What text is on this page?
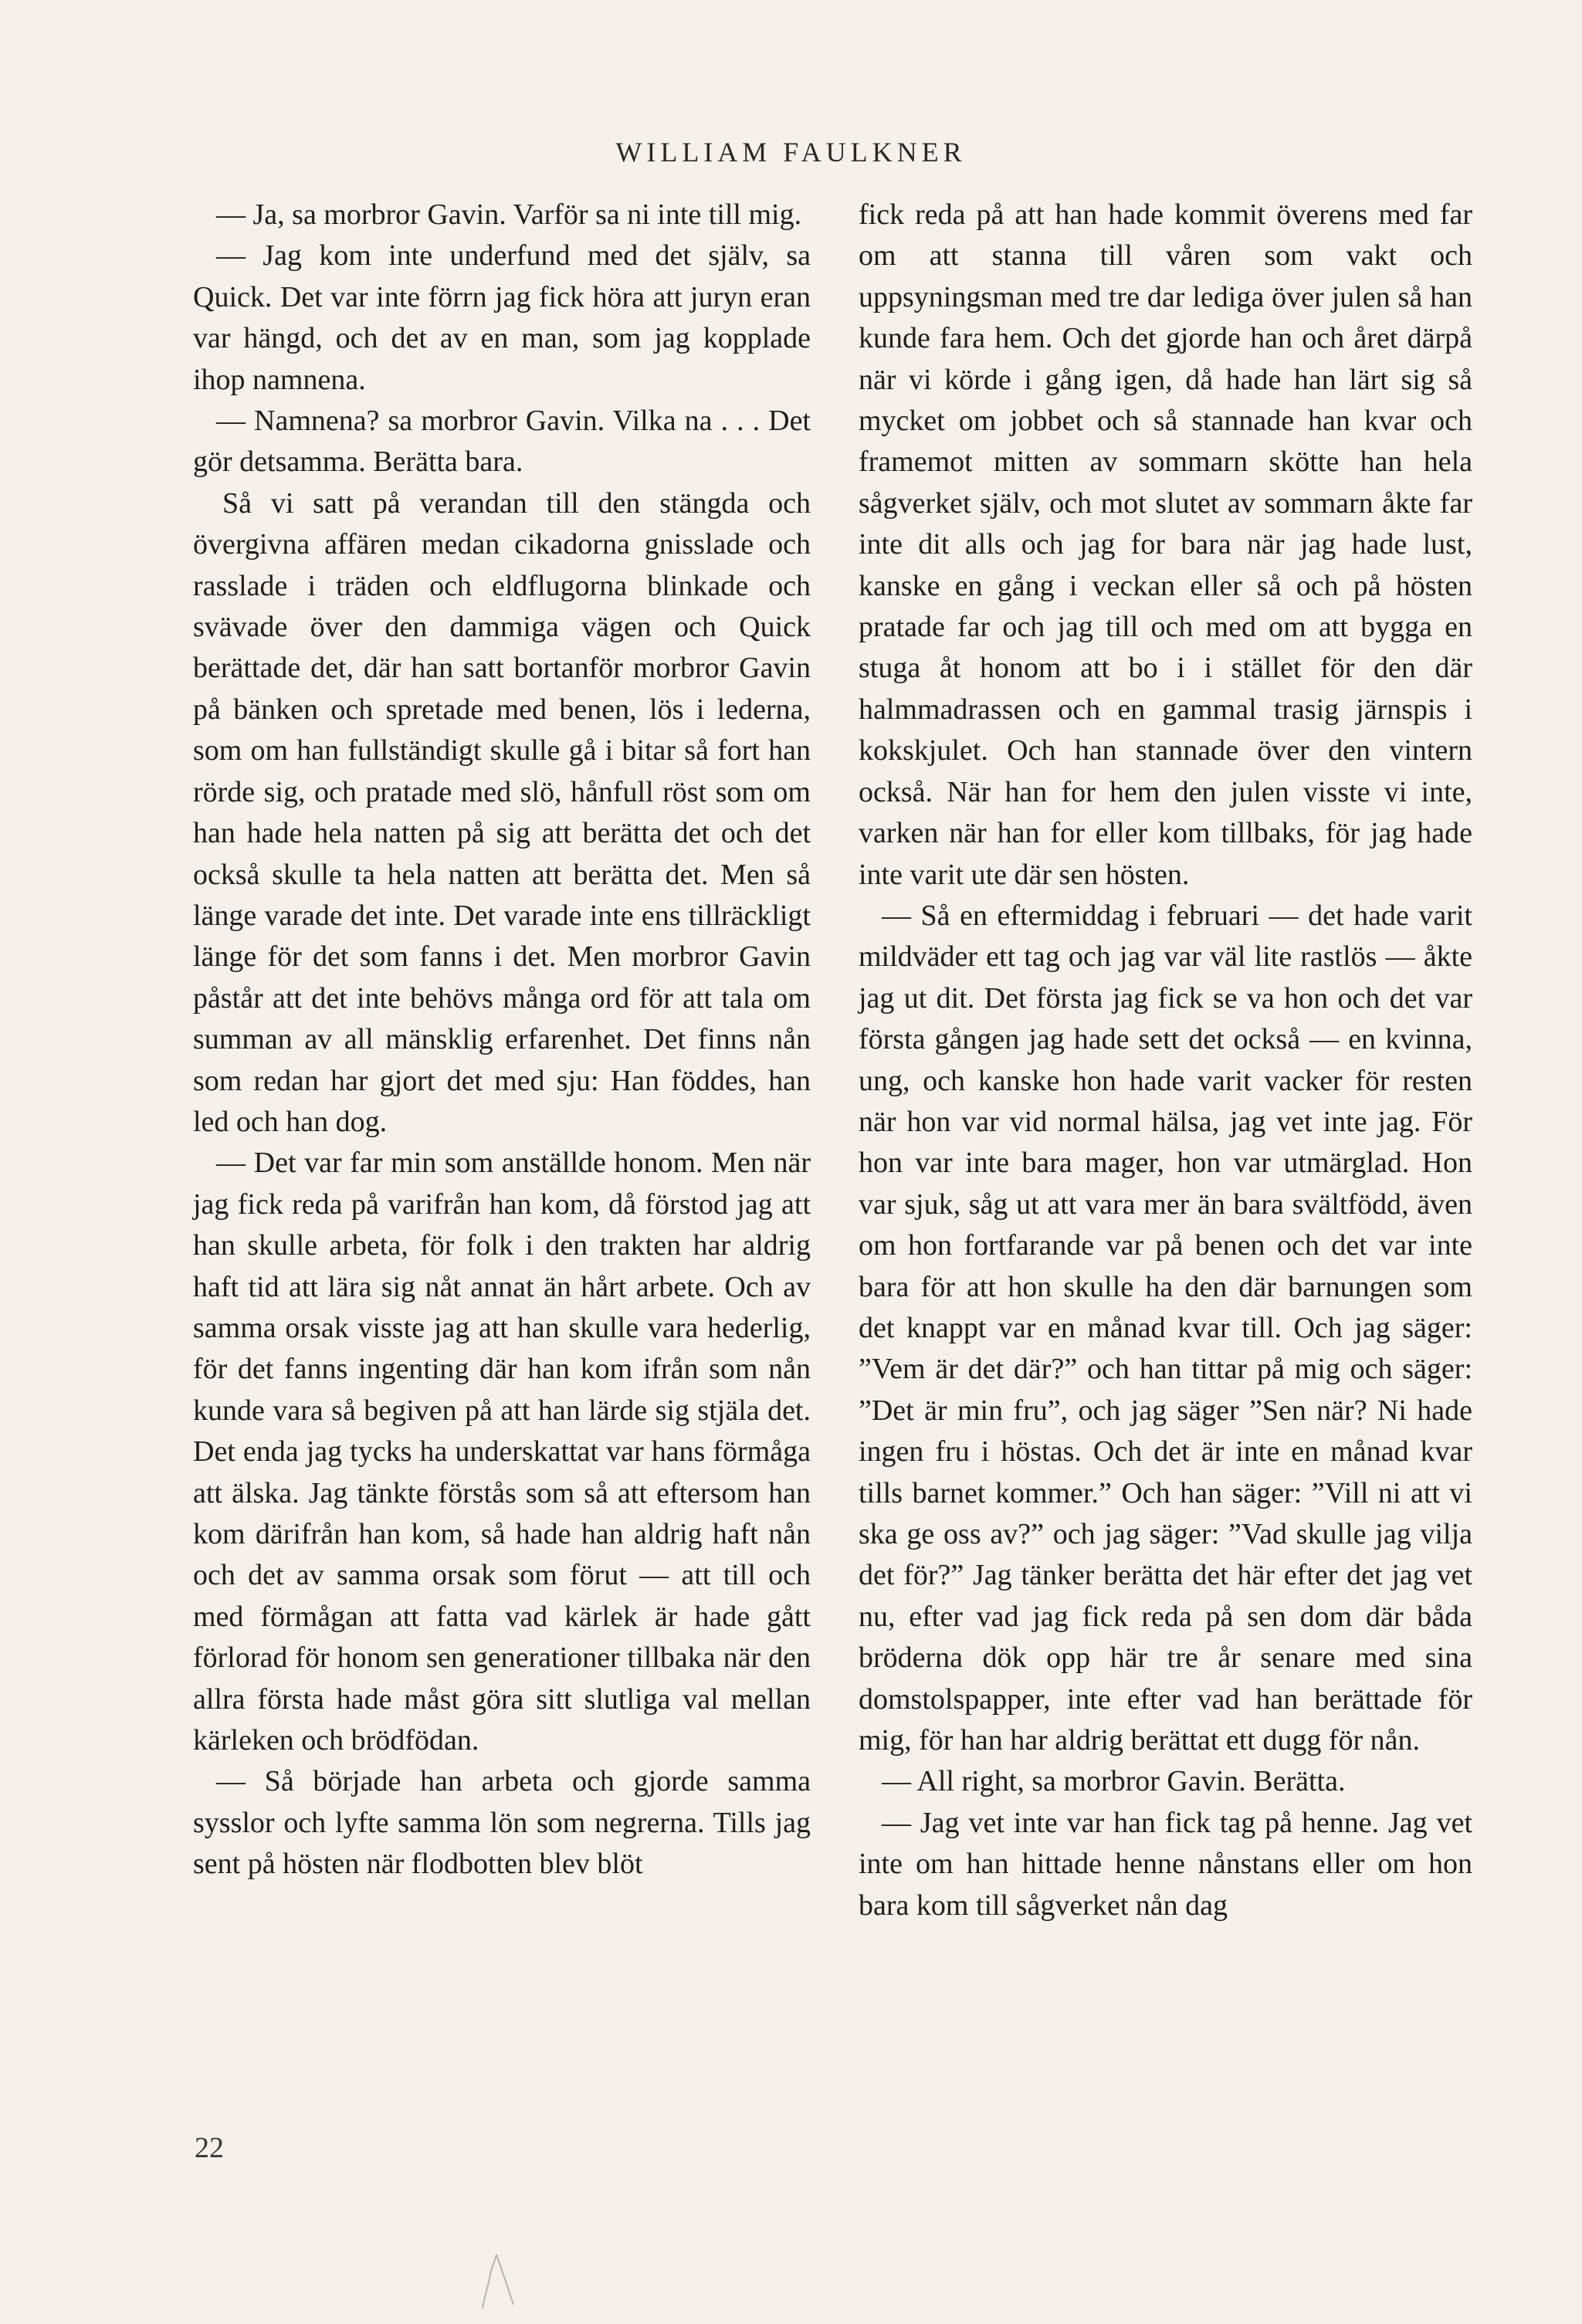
WILLIAM FAULKNER

— Ja, sa morbror Gavin. Varför sa ni inte till mig.

— Jag kom inte underfund med det själv, sa Quick. Det var inte förrn jag fick höra att juryn eran var hängd, och det av en man, som jag kopplade ihop namnena.

— Namnena? sa morbror Gavin. Vilka na . . . Det gör detsamma. Berätta bara.

Så vi satt på verandan till den stängda och övergivna affären medan cikadorna gnisslade och rasslade i träden och eldflugorna blinkade och svävade över den dammiga vägen och Quick berättade det, där han satt bortanför morbror Gavin på bänken och spretade med benen, lös i lederna, som om han fullständigt skulle gå i bitar så fort han rörde sig, och pratade med slö, hånfull röst som om han hade hela natten på sig att berätta det och det också skulle ta hela natten att berätta det. Men så länge varade det inte. Det varade inte ens tillräckligt länge för det som fanns i det. Men morbror Gavin påstår att det inte behövs många ord för att tala om summan av all mänsklig erfarenhet. Det finns nån som redan har gjort det med sju: Han föddes, han led och han dog.

— Det var far min som anställde honom. Men när jag fick reda på varifrån han kom, då förstod jag att han skulle arbeta, för folk i den trakten har aldrig haft tid att lära sig nåt annat än hårt arbete. Och av samma orsak visste jag att han skulle vara hederlig, för det fanns ingenting där han kom ifrån som nån kunde vara så begiven på att han lärde sig stjäla det. Det enda jag tycks ha underskattat var hans förmåga att älska. Jag tänkte förstås som så att eftersom han kom därifrån han kom, så hade han aldrig haft nån och det av samma orsak som förut — att till och med förmågan att fatta vad kärlek är hade gått förlorad för honom sen generationer tillbaka när den allra första hade måst göra sitt slutliga val mellan kärleken och brödfödan.

— Så började han arbeta och gjorde samma sysslor och lyfte samma lön som negrerna. Tills jag sent på hösten när flodbotten blev blöt

fick reda på att han hade kommit överens med far om att stanna till våren som vakt och uppsyningsman med tre dar lediga över julen så han kunde fara hem. Och det gjorde han och året därpå när vi körde i gång igen, då hade han lärt sig så mycket om jobbet och så stannade han kvar och framemot mitten av sommarn skötte han hela sågverket själv, och mot slutet av sommarn åkte far inte dit alls och jag for bara när jag hade lust, kanske en gång i veckan eller så och på hösten pratade far och jag till och med om att bygga en stuga åt honom att bo i i stället för den där halmmadrassen och en gammal trasig järnspis i kokskjulet. Och han stannade över den vintern också. När han for hem den julen visste vi inte, varken när han for eller kom tillbaks, för jag hade inte varit ute där sen hösten.

— Så en eftermiddag i februari — det hade varit mildväder ett tag och jag var väl lite rastlös — åkte jag ut dit. Det första jag fick se va hon och det var första gången jag hade sett det också — en kvinna, ung, och kanske hon hade varit vacker för resten när hon var vid normal hälsa, jag vet inte jag. För hon var inte bara mager, hon var utmärglad. Hon var sjuk, såg ut att vara mer än bara svältfödd, även om hon fortfarande var på benen och det var inte bara för att hon skulle ha den där barnungen som det knappt var en månad kvar till. Och jag säger: ”Vem är det där?” och han tittar på mig och säger: ”Det är min fru”, och jag säger ”Sen när? Ni hade ingen fru i höstas. Och det är inte en månad kvar tills barnet kommer.” Och han säger: ”Vill ni att vi ska ge oss av?” och jag säger: ”Vad skulle jag vilja det för?” Jag tänker berätta det här efter det jag vet nu, efter vad jag fick reda på sen dom där båda bröderna dök opp här tre år senare med sina domstolspapper, inte efter vad han berättade för mig, för han har aldrig berättat ett dugg för nån.

— All right, sa morbror Gavin. Berätta.

— Jag vet inte var han fick tag på henne. Jag vet inte om han hittade henne nånstans eller om hon bara kom till sågverket nån dag

22
